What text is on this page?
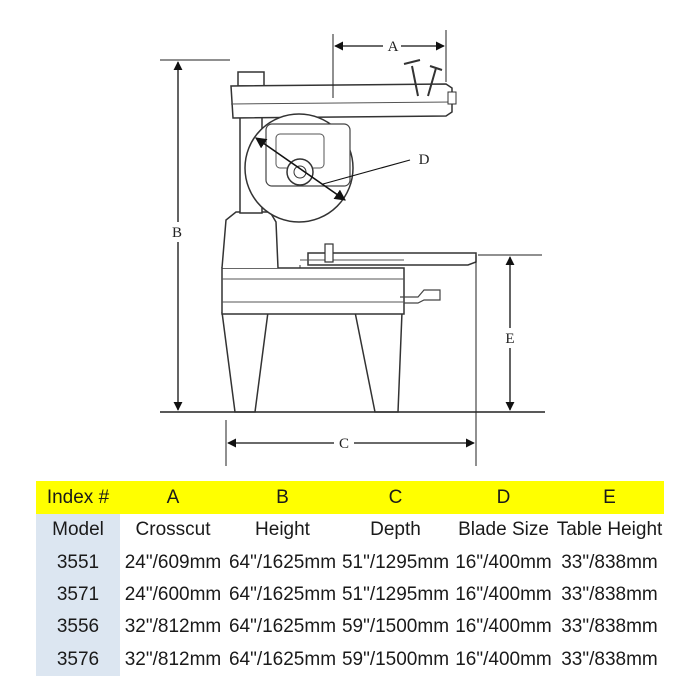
A
B
C
D
E
Index #	A	B	C	D	E
Model	Crosscut	Height	Depth	Blade Size	Table Height
3551	24"/609mm	64"/1625mm	51"/1295mm	16"/400mm	33"/838mm
3571	24"/600mm	64"/1625mm	51"/1295mm	16"/400mm	33"/838mm
3556	32"/812mm	64"/1625mm	59"/1500mm	16"/400mm	33"/838mm
3576	32"/812mm	64"/1625mm	59"/1500mm	16"/400mm	33"/838mm
